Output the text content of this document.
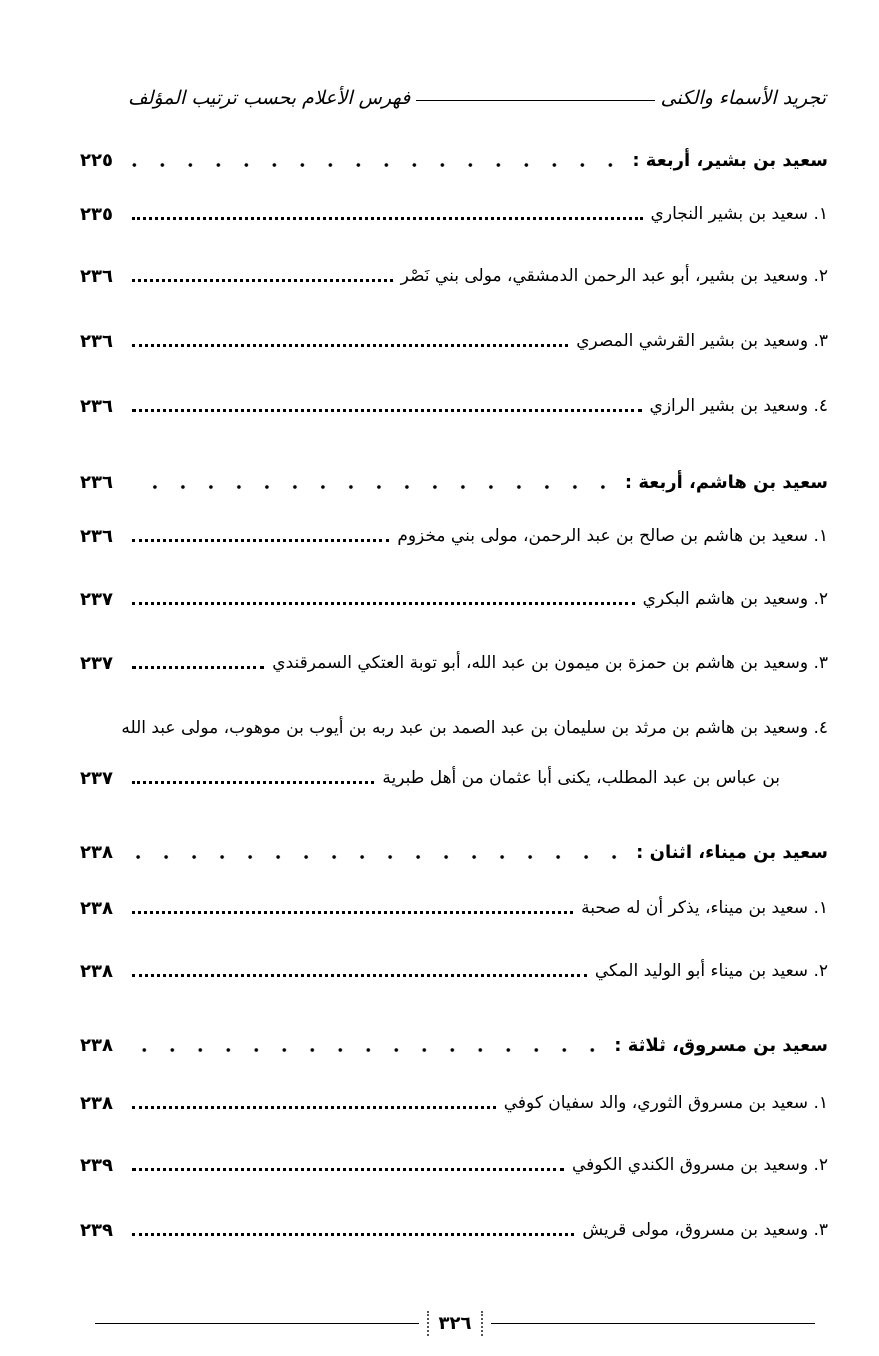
تجريد الأسماء والكنى
فهرس الأعلام بحسب ترتيب المؤلف
سعيد بن بشير، أربعة :
٢٢٥
١. سعيد بن بشير النجاري
٢٣٥
٢. وسعيد بن بشير، أبو عبد الرحمن الدمشقي، مولى بني نَصْر
٢٣٦
٣. وسعيد بن بشير القرشي المصري
٢٣٦
٤. وسعيد بن بشير الرازي
٢٣٦
سعيد بن هاشم، أربعة :
٢٣٦
١. سعيد بن هاشم بن صالح بن عبد الرحمن، مولى بني مخزوم
٢٣٦
٢. وسعيد بن هاشم البكري
٢٣٧
٣. وسعيد بن هاشم بن حمزة بن ميمون بن عبد الله، أبو توبة العتكي السمرقندي
٢٣٧
٤. وسعيد بن هاشم بن مرثد بن سليمان بن عبد الصمد بن عبد ربه بن أيوب بن موهوب، مولى عبد الله
بن عباس بن عبد المطلب، يكنى أبا عثمان من أهل طبرية
٢٣٧
سعيد بن ميناء، اثنان :
٢٣٨
١. سعيد بن ميناء، يذكر أن له صحبة
٢٣٨
٢. سعيد بن ميناء أبو الوليد المكي
٢٣٨
سعيد بن مسروق، ثلاثة :
٢٣٨
١. سعيد بن مسروق الثوري، والد سفيان كوفي
٢٣٨
٢. وسعيد بن مسروق الكندي الكوفي
٢٣٩
٣. وسعيد بن مسروق، مولى قريش
٢٣٩
٣٢٦
